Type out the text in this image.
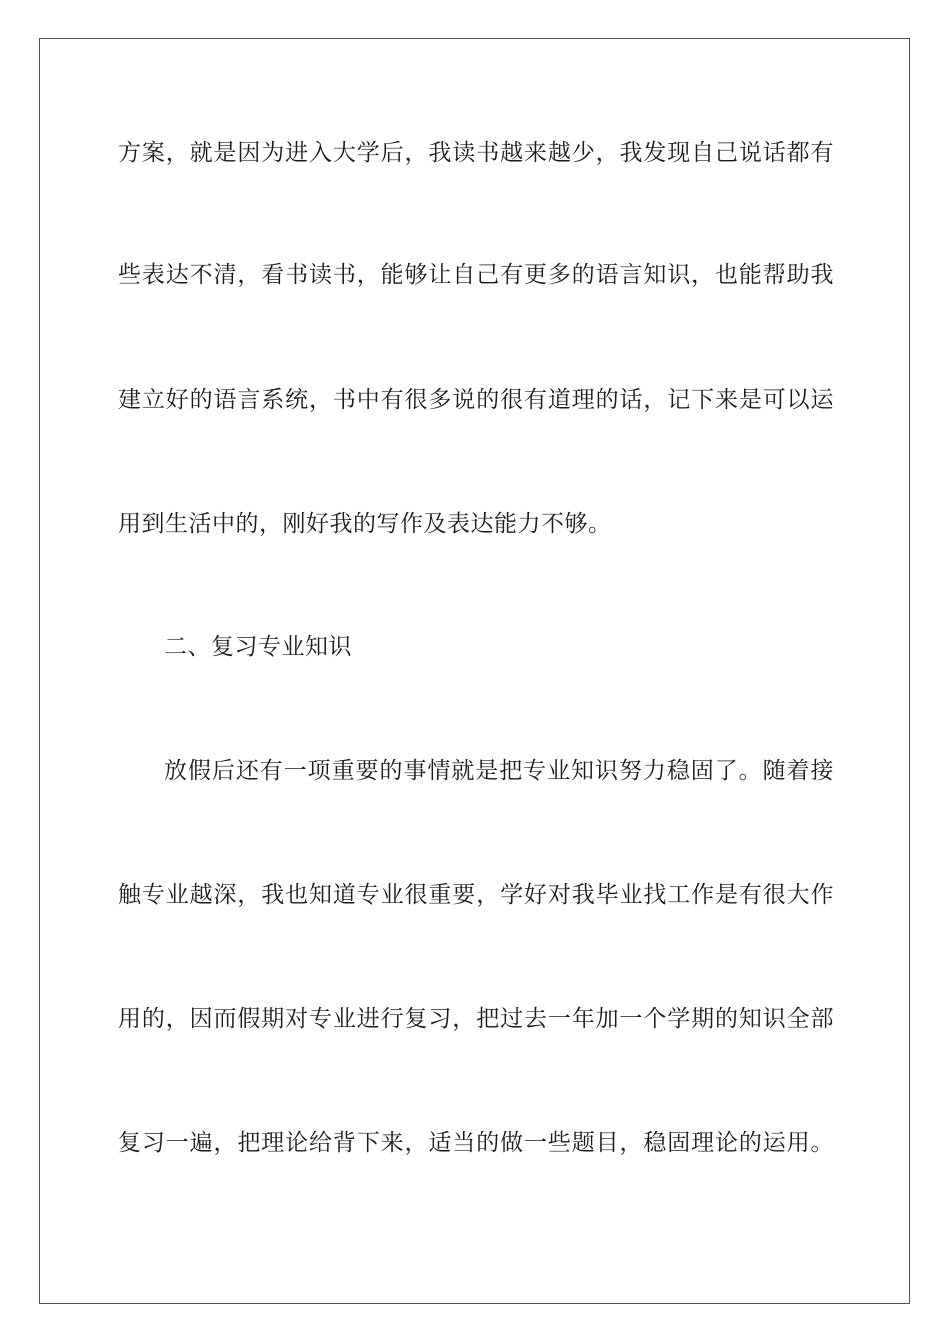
方案，就是因为进入大学后，我读书越来越少，我发现自己说话都有
些表达不清，看书读书，能够让自己有更多的语言知识，也能帮助我
建立好的语言系统，书中有很多说的很有道理的话，记下来是可以运
用到生活中的，刚好我的写作及表达能力不够。
二、复习专业知识
放假后还有一项重要的事情就是把专业知识努力稳固了。随着接
触专业越深，我也知道专业很重要，学好对我毕业找工作是有很大作
用的，因而假期对专业进行复习，把过去一年加一个学期的知识全部
复习一遍，把理论给背下来，适当的做一些题目，稳固理论的运用。
